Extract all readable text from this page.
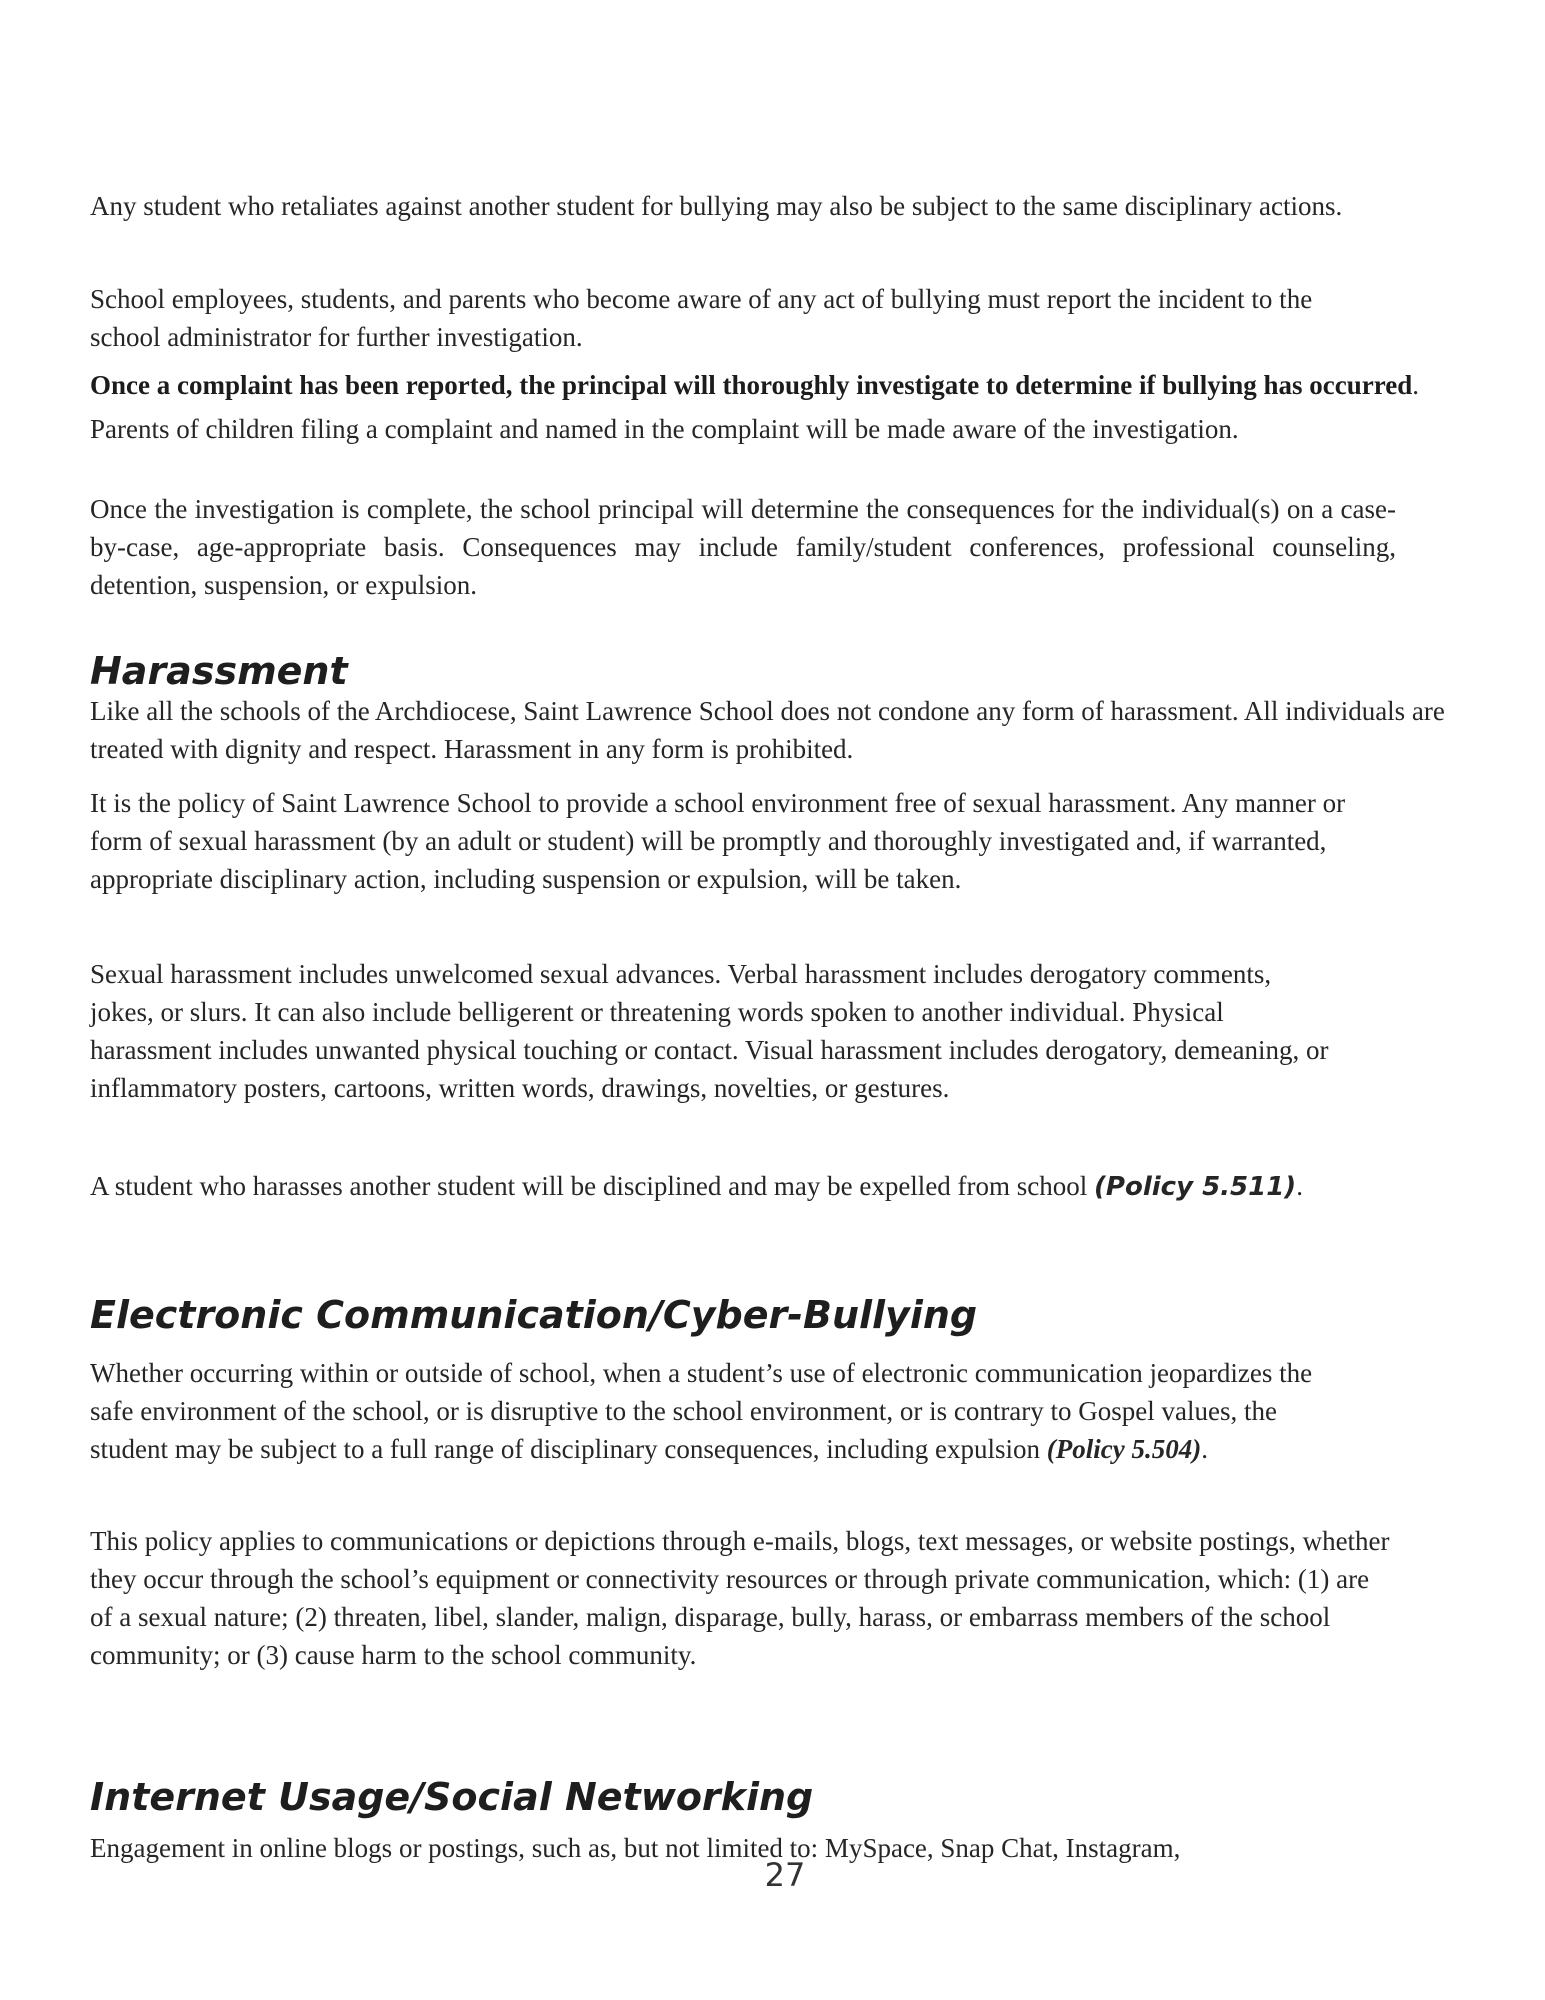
Any student who retaliates against another student for bullying may also be subject to the same disciplinary actions.

School employees, students, and parents who become aware of any act of bullying must report the incident to the school administrator for further investigation.

Once a complaint has been reported, the principal will thoroughly investigate to determine if bullying has occurred. Parents of children filing a complaint and named in the complaint will be made aware of the investigation.

Once the investigation is complete, the school principal will determine the consequences for the individual(s) on a case-by-case, age-appropriate basis. Consequences may include family/student conferences, professional counseling, detention, suspension, or expulsion.

Harassment

Like all the schools of the Archdiocese, Saint Lawrence School does not condone any form of harassment. All individuals are treated with dignity and respect. Harassment in any form is prohibited.

It is the policy of Saint Lawrence School to provide a school environment free of sexual harassment. Any manner or form of sexual harassment (by an adult or student) will be promptly and thoroughly investigated and, if warranted, appropriate disciplinary action, including suspension or expulsion, will be taken.

Sexual harassment includes unwelcomed sexual advances. Verbal harassment includes derogatory comments, jokes, or slurs. It can also include belligerent or threatening words spoken to another individual. Physical harassment includes unwanted physical touching or contact. Visual harassment includes derogatory, demeaning, or inflammatory posters, cartoons, written words, drawings, novelties, or gestures.

A student who harasses another student will be disciplined and may be expelled from school (Policy 5.511).

Electronic Communication/Cyber-Bullying

Whether occurring within or outside of school, when a student’s use of electronic communication jeopardizes the safe environment of the school, or is disruptive to the school environment, or is contrary to Gospel values, the student may be subject to a full range of disciplinary consequences, including expulsion (Policy 5.504).

This policy applies to communications or depictions through e-mails, blogs, text messages, or website postings, whether they occur through the school’s equipment or connectivity resources or through private communication, which: (1) are of a sexual nature; (2) threaten, libel, slander, malign, disparage, bully, harass, or embarrass members of the school community; or (3) cause harm to the school community.

Internet Usage/Social Networking

Engagement in online blogs or postings, such as, but not limited to: MySpace, Snap Chat, Instagram,

27
